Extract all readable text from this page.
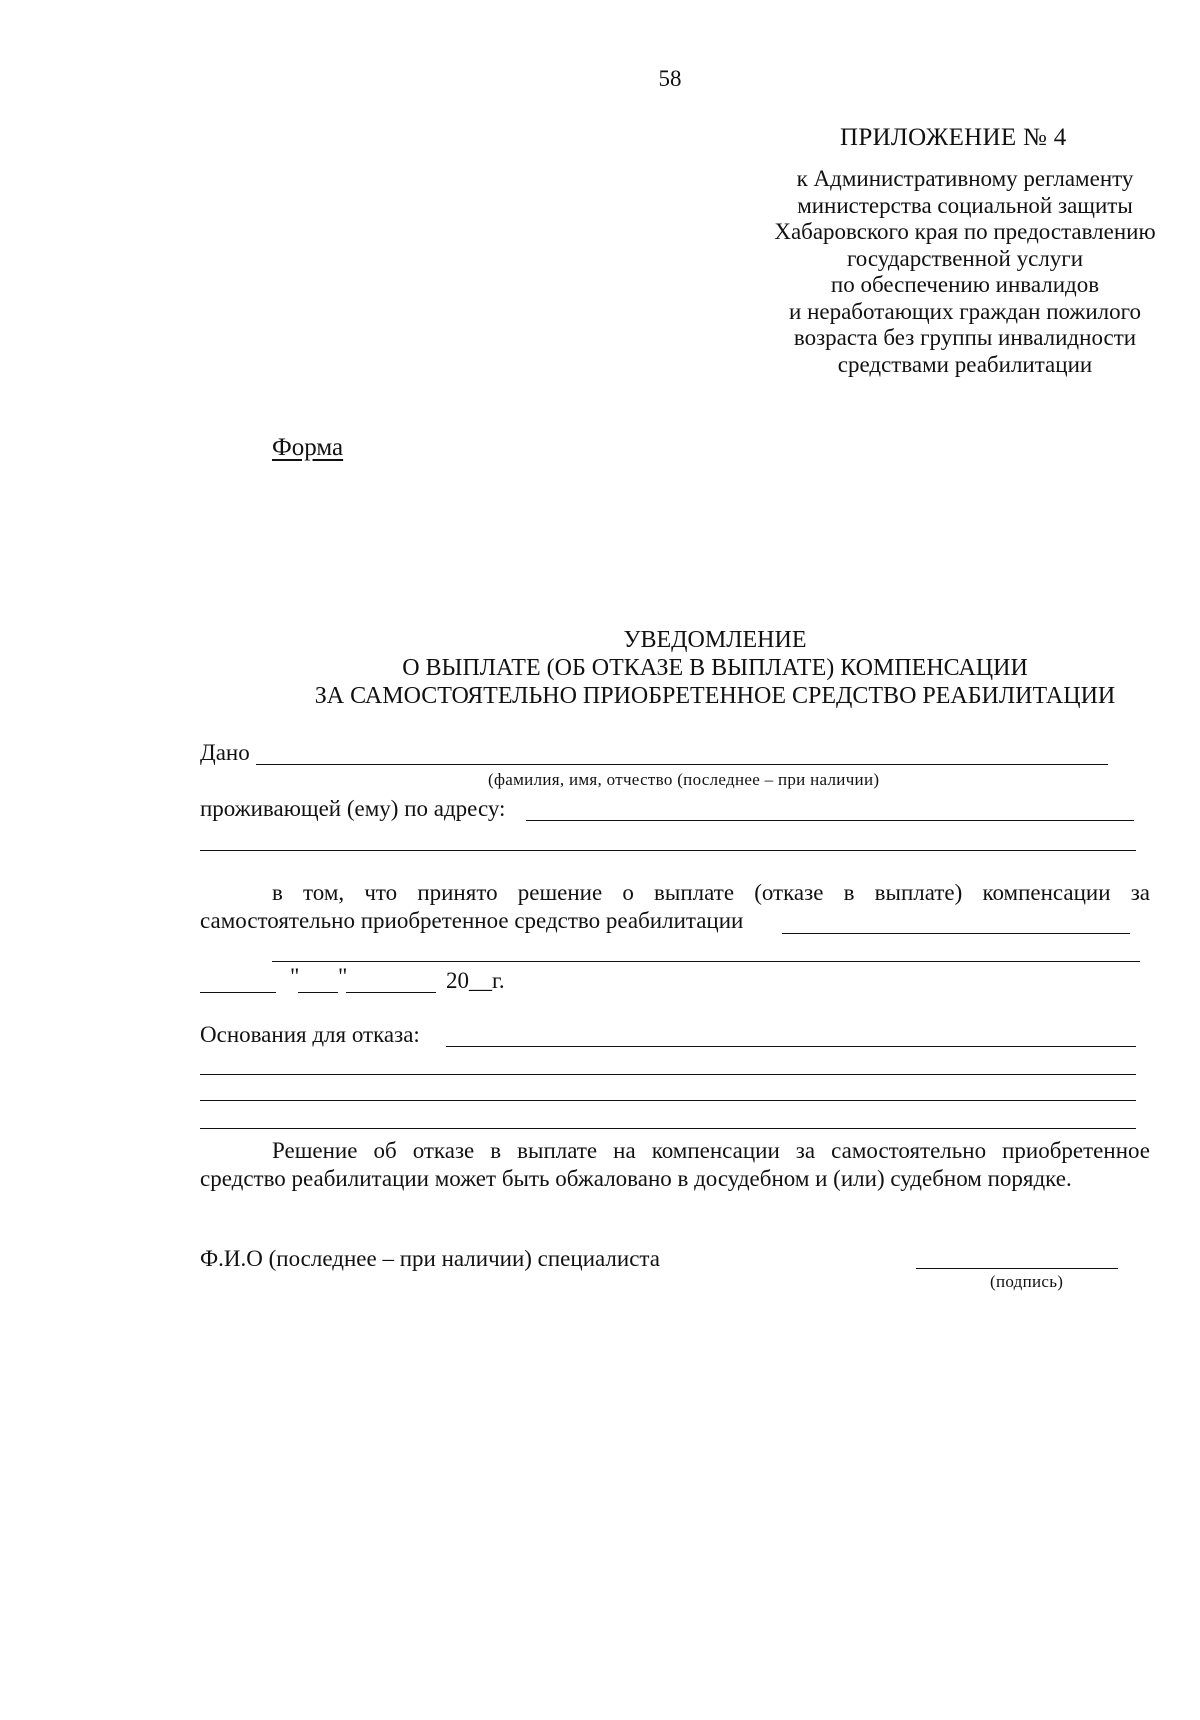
58
ПРИЛОЖЕНИЕ № 4
к Административному регламенту
министерства социальной защиты
Хабаровского края по предоставлению
государственной услуги
по обеспечению инвалидов
и неработающих граждан пожилого
возраста без группы инвалидности
средствами реабилитации
Форма
УВЕДОМЛЕНИЕ
О ВЫПЛАТЕ (ОБ ОТКАЗЕ В ВЫПЛАТЕ) КОМПЕНСАЦИИ
ЗА САМОСТОЯТЕЛЬНО ПРИОБРЕТЕННОЕ СРЕДСТВО РЕАБИЛИТАЦИИ
Дано
(фамилия, имя, отчество (последнее – при наличии)
проживающей (ему) по адресу:
в том, что принято решение о выплате (отказе в выплате) компенсации за
самостоятельно приобретенное средство реабилитации
" "	20__г.
Основания для отказа:
Решение об отказе в выплате на компенсации за самостоятельно приобретенное
средство реабилитации может быть обжаловано в досудебном и (или) судебном порядке.
Ф.И.О (последнее – при наличии) специалиста
(подпись)
